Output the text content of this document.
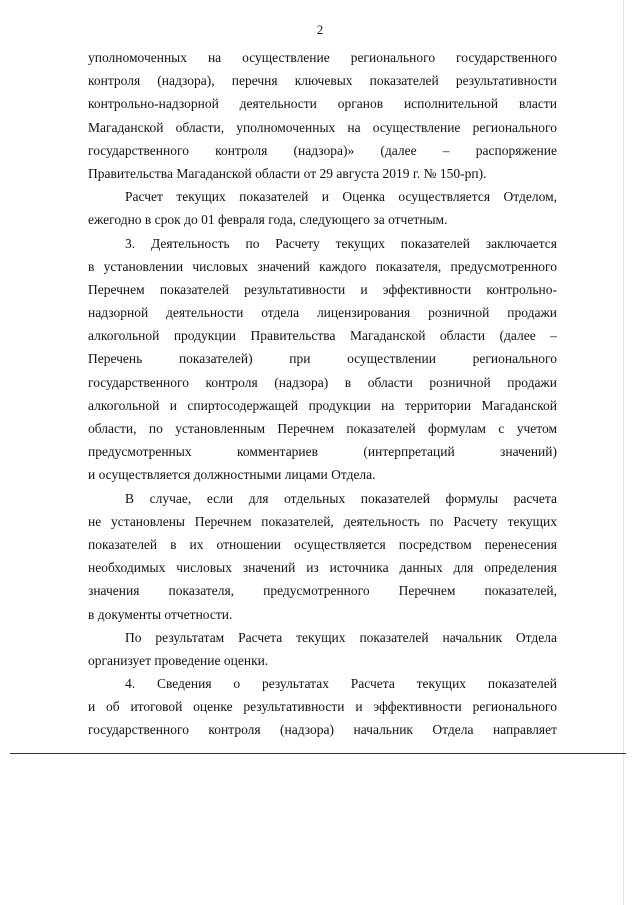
2
уполномоченных на осуществление регионального государственного
контроля (надзора), перечня ключевых показателей результативности
контрольно-надзорной деятельности органов исполнительной власти
Магаданской области, уполномоченных на осуществление регионального
государственного контроля (надзора)» (далее – распоряжение
Правительства Магаданской области от 29 августа 2019 г. № 150-рп).
Расчет текущих показателей и Оценка осуществляется Отделом,
ежегодно в срок до 01 февраля года, следующего за отчетным.
3. Деятельность по Расчету текущих показателей заключается
в установлении числовых значений каждого показателя, предусмотренного
Перечнем показателей результативности и эффективности контрольно-
надзорной деятельности отдела лицензирования розничной продажи
алкогольной продукции Правительства Магаданской области (далее –
Перечень показателей) при осуществлении регионального
государственного контроля (надзора) в области розничной продажи
алкогольной и спиртосодержащей продукции на территории Магаданской
области, по установленным Перечнем показателей формулам с учетом
предусмотренных комментариев (интерпретаций значений)
и осуществляется должностными лицами Отдела.
В случае, если для отдельных показателей формулы расчета
не установлены Перечнем показателей, деятельность по Расчету текущих
показателей в их отношении осуществляется посредством перенесения
необходимых числовых значений из источника данных для определения
значения показателя, предусмотренного Перечнем показателей,
в документы отчетности.
По результатам Расчета текущих показателей начальник Отдела
организует проведение оценки.
4. Сведения о результатах Расчета текущих показателей
и об итоговой оценке результативности и эффективности регионального
государственного контроля (надзора) начальник Отдела направляет
